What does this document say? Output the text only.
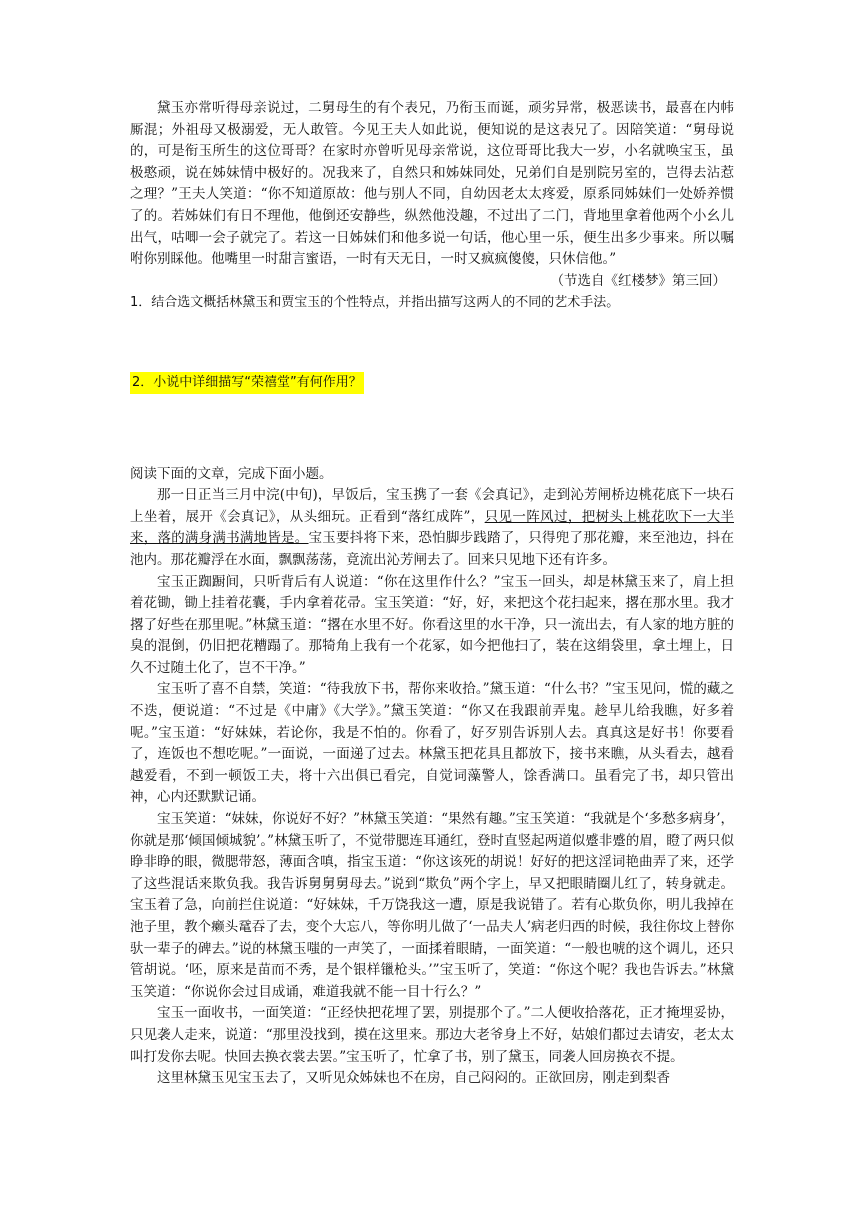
黛玉亦常听得母亲说过，二舅母生的有个表兄，乃衔玉而诞，顽劣异常，极恶读书，最喜在内帏厮混；外祖母又极溺爱，无人敢管。今见王夫人如此说，便知说的是这表兄了。因陪笑道：“舅母说的，可是衔玉所生的这位哥哥？在家时亦曾听见母亲常说，这位哥哥比我大一岁，小名就唤宝玉，虽极憨顽，说在姊妹情中极好的。况我来了，自然只和姊妹同处，兄弟们自是别院另室的，岂得去沾惹之理？”王夫人笑道：“你不知道原故：他与别人不同，自幼因老太太疼爱，原系同姊妹们一处娇养惯了的。若姊妹们有日不理他，他倒还安静些，纵然他没趣，不过出了二门，背地里拿着他两个小幺儿出气，咕唧一会子就完了。若这一日姊妹们和他多说一句话，他心里一乐，便生出多少事来。所以嘱咐你别睬他。他嘴里一时甜言蜜语，一时有天无日，一时又疯疯傻傻，只休信他。”

（节选自《红楼梦》第三回）

1．结合选文概括林黛玉和贾宝玉的个性特点，并指出描写这两人的不同的艺术手法。

2．小说中详细描写“荣禧堂”有何作用？

阅读下面的文章，完成下面小题。

那一日正当三月中浣(中旬)，早饭后，宝玉携了一套《会真记》，走到沁芳闸桥边桃花底下一块石上坐着，展开《会真记》，从头细玩。正看到“落红成阵”，只见一阵风过，把树头上桃花吹下一大半来，落的满身满书满地皆是。宝玉要抖将下来，恐怕脚步践踏了，只得兜了那花瓣，来至池边，抖在池内。那花瓣浮在水面，飘飘荡荡，竟流出沁芳闸去了。回来只见地下还有许多。

宝玉正踟蹰间，只听背后有人说道：“你在这里作什么？”宝玉一回头，却是林黛玉来了，肩上担着花锄，锄上挂着花囊，手内拿着花帚。宝玉笑道：“好，好，来把这个花扫起来，撂在那水里。我才撂了好些在那里呢。”林黛玉道：“撂在水里不好。你看这里的水干净，只一流出去，有人家的地方脏的臭的混倒，仍旧把花糟蹋了。那犄角上我有一个花冢，如今把他扫了，装在这绢袋里，拿土埋上，日久不过随土化了，岂不干净。”

宝玉听了喜不自禁，笑道：“待我放下书，帮你来收拾。”黛玉道：“什么书？”宝玉见问，慌的藏之不迭，便说道：“不过是《中庸》《大学》。”黛玉笑道：“你又在我跟前弄鬼。趁早儿给我瞧，好多着呢。”宝玉道：“好妹妹，若论你，我是不怕的。你看了，好歹别告诉别人去。真真这是好书！你要看了，连饭也不想吃呢。”一面说，一面递了过去。林黛玉把花具且都放下，接书来瞧，从头看去，越看越爱看，不到一顿饭工夫，将十六出俱已看完，自觉词藻警人，馀香满口。虽看完了书，却只管出神，心内还默默记诵。

宝玉笑道：“妹妹，你说好不好？”林黛玉笑道：“果然有趣。”宝玉笑道：“我就是个‘多愁多病身’，你就是那‘倾国倾城貌’。”林黛玉听了，不觉带腮连耳通红，登时直竖起两道似蹙非蹙的眉，瞪了两只似睁非睁的眼，微腮带怒，薄面含嗔，指宝玉道：“你这该死的胡说！好好的把这淫词艳曲弄了来，还学了这些混话来欺负我。我告诉舅舅舅母去。”说到“欺负”两个字上，早又把眼睛圈儿红了，转身就走。宝玉着了急，向前拦住说道：“好妹妹，千万饶我这一遭，原是我说错了。若有心欺负你，明儿我掉在池子里，教个癞头鼋吞了去，变个大忘八，等你明儿做了‘一品夫人’病老归西的时候，我往你坟上替你驮一辈子的碑去。”说的林黛玉嗤的一声笑了，一面揉着眼睛，一面笑道：“一般也唬的这个调儿，还只管胡说。‘呸，原来是苗而不秀，是个银样镴枪头。’”宝玉听了，笑道：“你这个呢？我也告诉去。”林黛玉笑道：“你说你会过目成诵，难道我就不能一目十行么？”

宝玉一面收书，一面笑道：“正经快把花埋了罢，别提那个了。”二人便收拾落花，正才掩埋妥协，只见袭人走来，说道：“那里没找到，摸在这里来。那边大老爷身上不好，姑娘们都过去请安，老太太叫打发你去呢。快回去换衣裳去罢。”宝玉听了，忙拿了书，别了黛玉，同袭人回房换衣不提。

这里林黛玉见宝玉去了，又听见众姊妹也不在房，自己闷闷的。正欲回房，刚走到梨香
